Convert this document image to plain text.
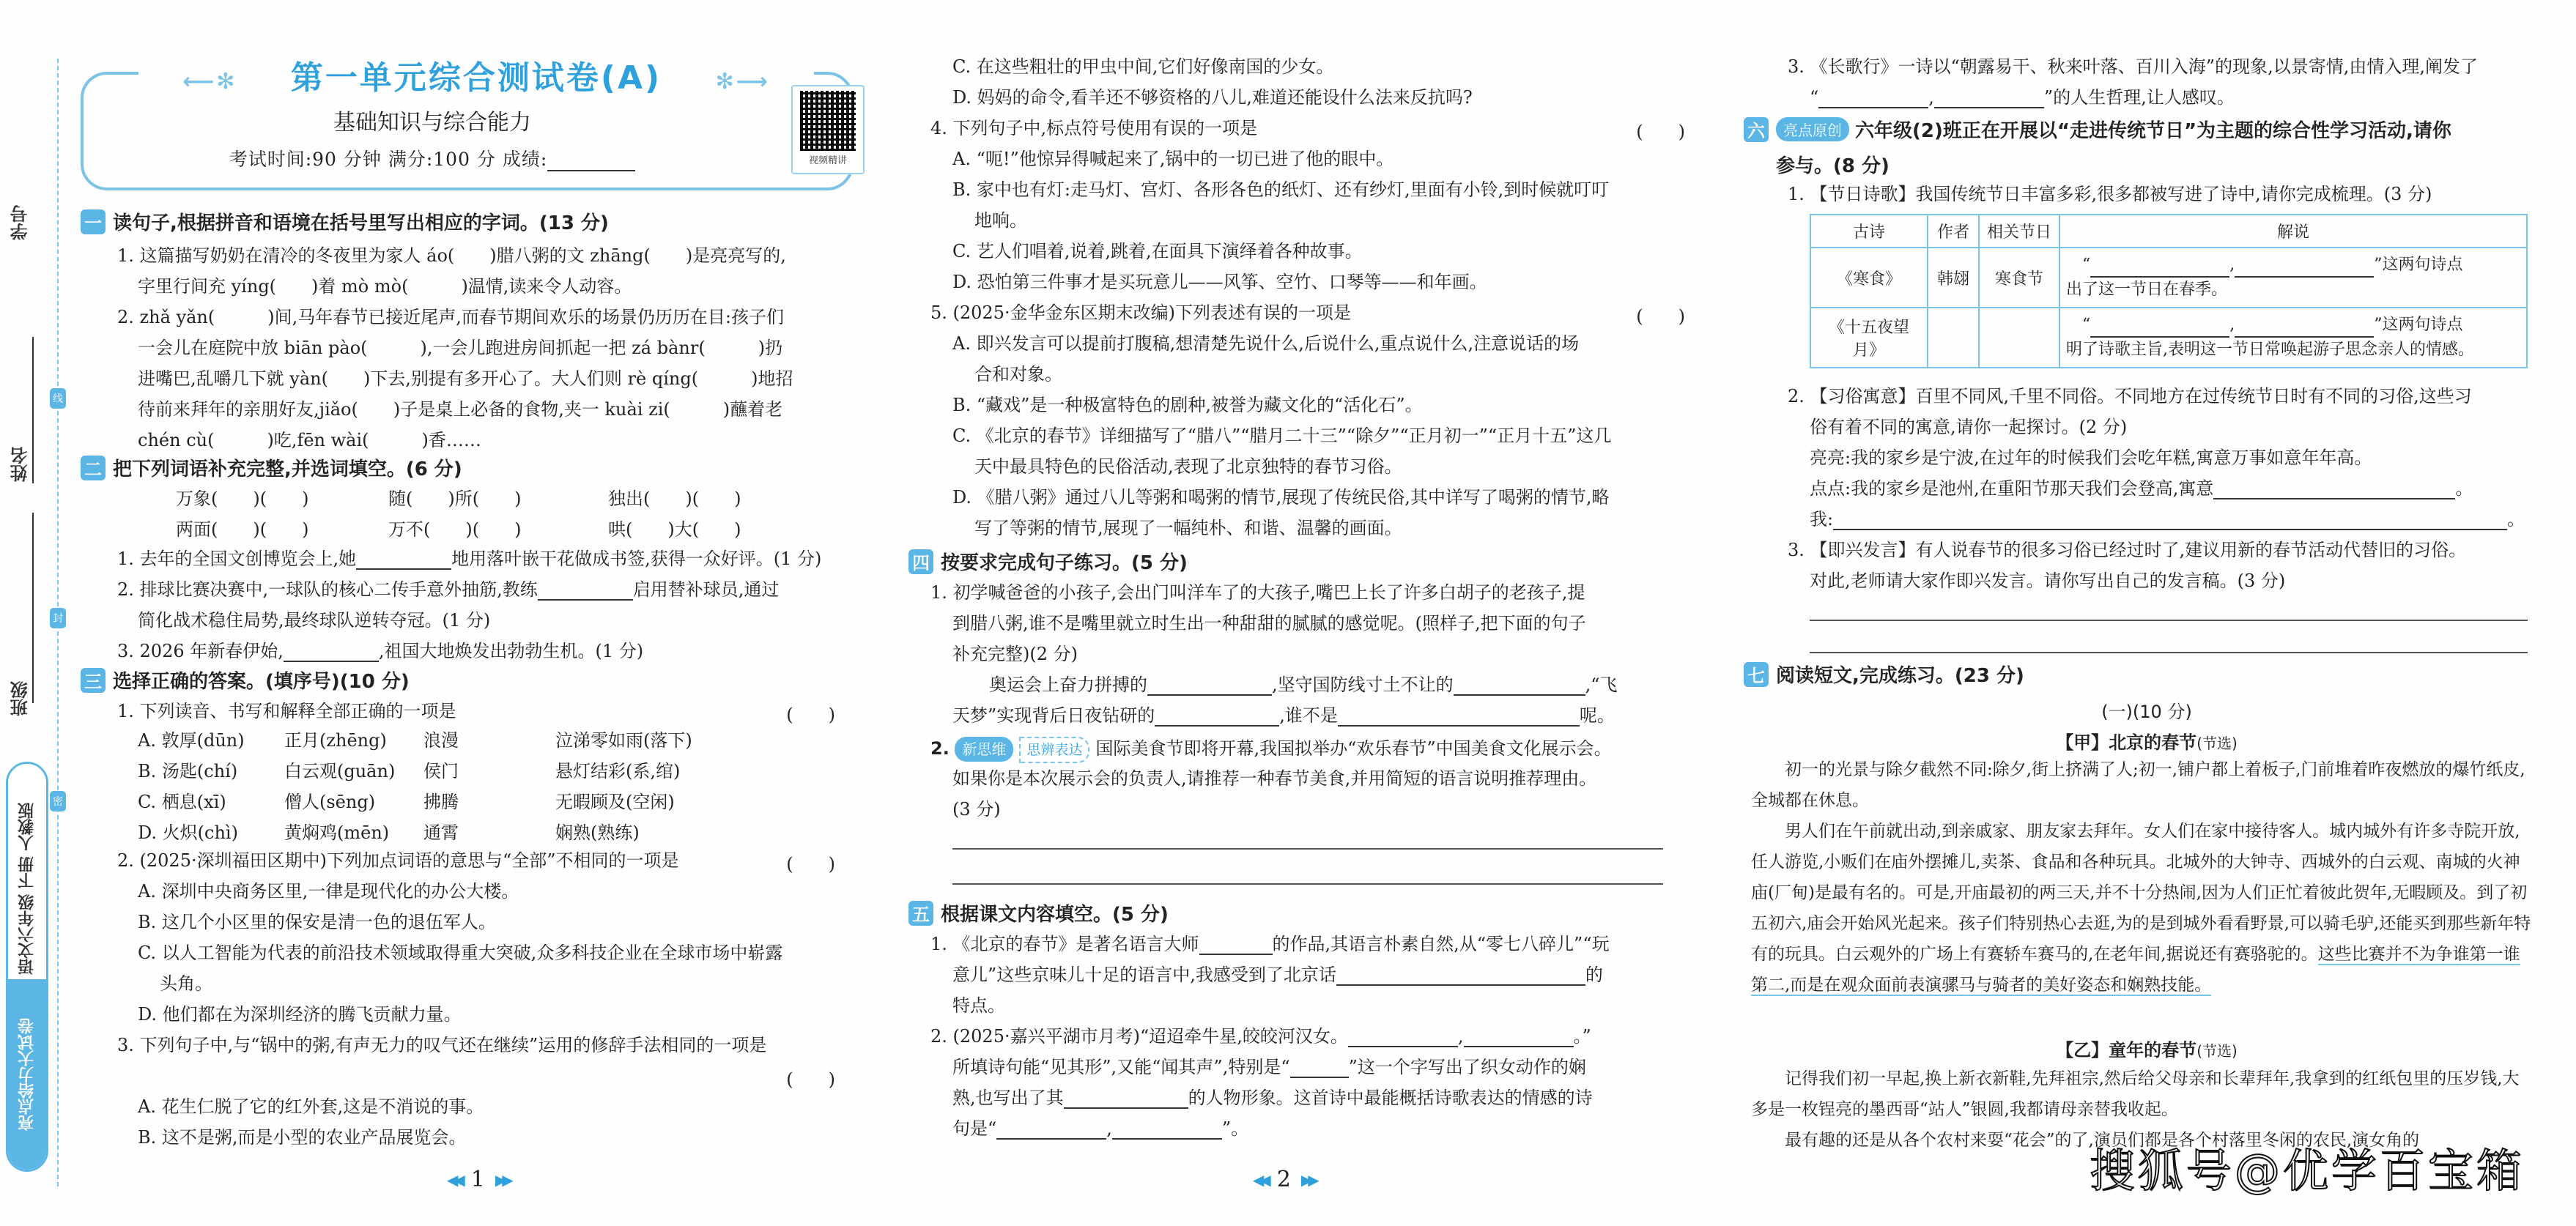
学号
姓名
班级
线
封
密
语文六年级 下册 人教版
亮点给力大试卷
⟵✻ 第一单元综合测试卷(A) ✻⟶
基础知识与综合能力
考试时间:90 分钟 满分:100 分 成绩:	视频精讲
一 读句子,根据拼音和语境在括号里写出相应的字词。(13 分)
1. 这篇描写奶奶在清冷的冬夜里为家人 áo(　　)腊八粥的文 zhāng(　　)是亮亮写的,
字里行间充 yíng(　　)着 mò mò(　　　)温情,读来令人动容。
2. zhǎ yǎn(　　　)间,马年春节已接近尾声,而春节期间欢乐的场景仍历历在目:孩子们
一会儿在庭院中放 biān pào(　　　),一会儿跑进房间抓起一把 zá bànr(　　　)扔
进嘴巴,乱嚼几下就 yàn(　　)下去,别提有多开心了。大人们则 rè qíng(　　　)地招
待前来拜年的亲朋好友,jiǎo(　　)子是桌上必备的食物,夹一 kuài zi(　　　)蘸着老
chén cù(　　　)吃,fēn wài(　　　)香……
二 把下列词语补充完整,并选词填空。(6 分)
万象(　　)(　　)	随(　　)所(　　)	独出(　　)(　　)
两面(　　)(　　)	万不(　　)(　　)	哄(　　)大(　　)
1. 去年的全国文创博览会上,她	地用落叶嵌干花做成书签,获得一众好评。(1 分)
2. 排球比赛决赛中,一球队的核心二传手意外抽筋,教练	启用替补球员,通过
简化战术稳住局势,最终球队逆转夺冠。(1 分)
3. 2026 年新春伊始,	,祖国大地焕发出勃勃生机。(1 分)
三 选择正确的答案。(填序号)(10 分)
1. 下列读音、书写和解释全部正确的一项是	(　　)
A. 敦厚(dūn)	正月(zhēng)	浪漫	泣涕零如雨(落下)
B. 汤匙(chí)	白云观(guān)	侯门	悬灯结彩(系,绾)
C. 栖息(xī)	僧人(sēng)	拂腾	无暇顾及(空闲)
D. 火炽(chì)	黄焖鸡(mēn)	通霄	娴熟(熟练)
2. (2025·深圳福田区期中)下列加点词语的意思与“全部”不相同的一项是	(　　)
A. 深圳中央商务区里,一律是现代化的办公大楼。
B. 这几个小区里的保安是清一色的退伍军人。
C. 以人工智能为代表的前沿技术领域取得重大突破,众多科技企业在全球市场中崭露
头角。
D. 他们都在为深圳经济的腾飞贡献力量。
3. 下列句子中,与“锅中的粥,有声无力的叹气还在继续”运用的修辞手法相同的一项是
(　　)
A. 花生仁脱了它的红外套,这是不消说的事。
B. 这不是粥,而是小型的农业产品展览会。
◀◀ 1 ▶▶
C. 在这些粗壮的甲虫中间,它们好像南国的少女。
D. 妈妈的命令,看羊还不够资格的八儿,难道还能设什么法来反抗吗?
4. 下列句子中,标点符号使用有误的一项是	(　　)
A. “呃!”他惊异得喊起来了,锅中的一切已进了他的眼中。
B. 家中也有灯:走马灯、宫灯、各形各色的纸灯、还有纱灯,里面有小铃,到时候就叮叮
地响。
C. 艺人们唱着,说着,跳着,在面具下演绎着各种故事。
D. 恐怕第三件事才是买玩意儿——风筝、空竹、口琴等——和年画。
5. (2025·金华金东区期末改编)下列表述有误的一项是	(　　)
A. 即兴发言可以提前打腹稿,想清楚先说什么,后说什么,重点说什么,注意说话的场
合和对象。
B. “藏戏”是一种极富特色的剧种,被誉为藏文化的“活化石”。
C. 《北京的春节》详细描写了“腊八”“腊月二十三”“除夕”“正月初一”“正月十五”这几
天中最具特色的民俗活动,表现了北京独特的春节习俗。
D. 《腊八粥》通过八儿等粥和喝粥的情节,展现了传统民俗,其中详写了喝粥的情节,略
写了等粥的情节,展现了一幅纯朴、和谐、温馨的画面。
四 按要求完成句子练习。(5 分)
1. 初学喊爸爸的小孩子,会出门叫洋车了的大孩子,嘴巴上长了许多白胡子的老孩子,提
到腊八粥,谁不是嘴里就立时生出一种甜甜的腻腻的感觉呢。(照样子,把下面的句子
补充完整)(2 分)
奥运会上奋力拼搏的	,坚守国防线寸土不让的	,“飞
天梦”实现背后日夜钻研的	,谁不是	呢。
2. 新思维 思辨表达 国际美食节即将开幕,我国拟举办“欢乐春节”中国美食文化展示会。
如果你是本次展示会的负责人,请推荐一种春节美食,并用简短的语言说明推荐理由。
(3 分)
五 根据课文内容填空。(5 分)
1. 《北京的春节》是著名语言大师	的作品,其语言朴素自然,从“零七八碎儿”“玩
意儿”这些京味儿十足的语言中,我感受到了北京话	的
特点。
2. (2025·嘉兴平湖市月考)“迢迢牵牛星,皎皎河汉女。	,	。”
所填诗句能“见其形”,又能“闻其声”,特别是“	”这一个字写出了织女动作的娴
熟,也写出了其	的人物形象。这首诗中最能概括诗歌表达的情感的诗
句是“	,	”。
◀◀ 2 ▶▶
3. 《长歌行》一诗以“朝露易干、秋来叶落、百川入海”的现象,以景寄情,由情入理,阐发了
“	,	”的人生哲理,让人感叹。
六	亮点原创 六年级(2)班正在开展以“走进传统节日”为主题的综合性学习活动,请你
参与。(8 分)
1. 【节日诗歌】我国传统节日丰富多彩,很多都被写进了诗中,请你完成梳理。(3 分)
古诗	作者	相关节日	解说
《寒食》	韩翃	寒食节	　“ , ”这两句诗点
出了这一节日在春季。
《十五夜望月》			　“ , ”这两句诗点
明了诗歌主旨,表明这一节日常唤起游子思念亲人的情感。
2. 【习俗寓意】百里不同风,千里不同俗。不同地方在过传统节日时有不同的习俗,这些习
俗有着不同的寓意,请你一起探讨。(2 分)
亮亮:我的家乡是宁波,在过年的时候我们会吃年糕,寓意万事如意年年高。
点点:我的家乡是池州,在重阳节那天我们会登高,寓意	。
我:	。
3. 【即兴发言】有人说春节的很多习俗已经过时了,建议用新的春节活动代替旧的习俗。
对此,老师请大家作即兴发言。请你写出自己的发言稿。(3 分)
七 阅读短文,完成练习。(23 分)
(一)(10 分)
【甲】北京的春节(节选)

初一的光景与除夕截然不同:除夕,街上挤满了人;初一,铺户都上着板子,门前堆着昨夜燃放的爆竹纸皮,全城都在休息。

男人们在午前就出动,到亲戚家、朋友家去拜年。女人们在家中接待客人。城内城外有许多寺院开放,任人游览,小贩们在庙外摆摊儿,卖茶、食品和各种玩具。北城外的大钟寺、西城外的白云观、南城的火神庙(厂甸)是最有名的。可是,开庙最初的两三天,并不十分热闹,因为人们正忙着彼此贺年,无暇顾及。到了初五初六,庙会开始风光起来。孩子们特别热心去逛,为的是到城外看看野景,可以骑毛驴,还能买到那些新年特有的玩具。白云观外的广场上有赛轿车赛马的,在老年间,据说还有赛骆驼的。这些比赛并不为争谁第一谁第二,而是在观众面前表演骡马与骑者的美好姿态和娴熟技能。

【乙】童年的春节(节选)

记得我们初一早起,换上新衣新鞋,先拜祖宗,然后给父母亲和长辈拜年,我拿到的红纸包里的压岁钱,大多是一枚锃亮的墨西哥“站人”银圆,我都请母亲替我收起。

最有趣的还是从各个农村来耍“花会”的了,演员们都是各个村落里冬闲的农民,演女角的

搜狐号@优学百宝箱
